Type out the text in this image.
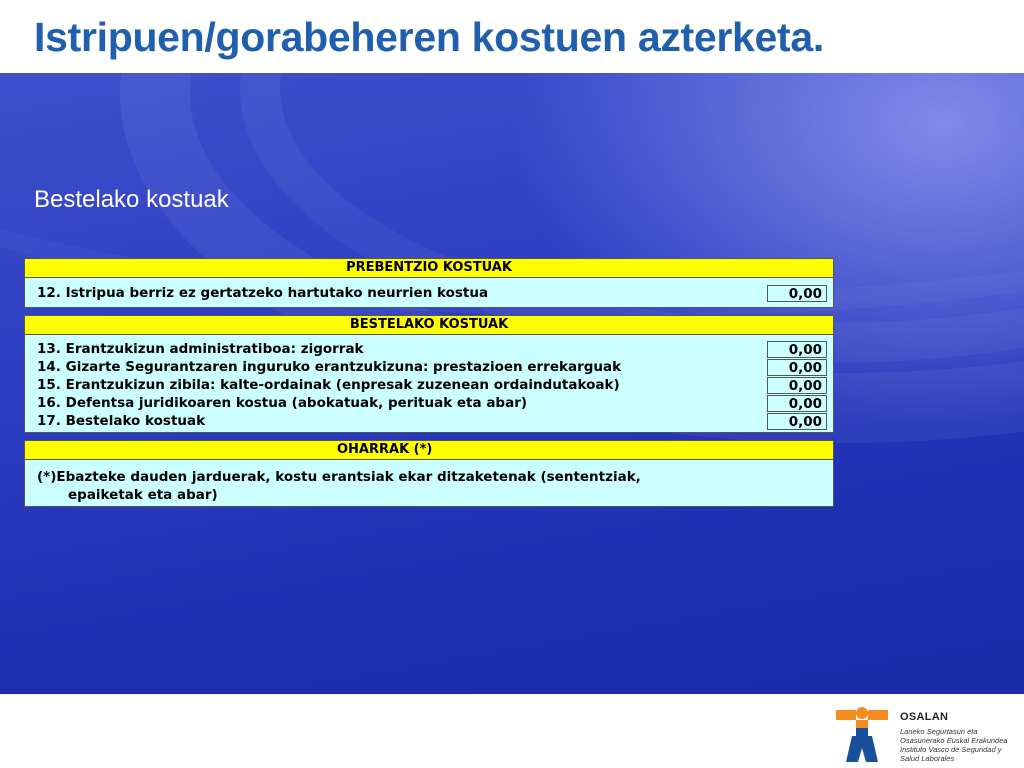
Istripuen/gorabeheren kostuen azterketa.
Bestelako kostuak
PREBENTZIO KOSTUAK
12. Istripua berriz ez gertatzeko hartutako neurrien kostua	0,00
BESTELAKO KOSTUAK
13. Erantzukizun administratiboa: zigorrak	0,00
14. Gizarte Segurantzaren inguruko erantzukizuna: prestazioen errekarguak	0,00
15. Erantzukizun zibila: kalte-ordainak (enpresak zuzenean ordaindutakoak)	0,00
16. Defentsa juridikoaren kostua (abokatuak, perituak eta abar)	0,00
17. Bestelako kostuak	0,00
OHARRAK (*)
(*)Ebazteke dauden jarduerak, kostu erantsiak ekar ditzaketenak (sententziak,
epaiketak eta abar)
OSALAN
Laneko Segurtasun eta
Osasunerako Euskal Erakundea
Instituto Vasco de Seguridad y
Salud Laborales
